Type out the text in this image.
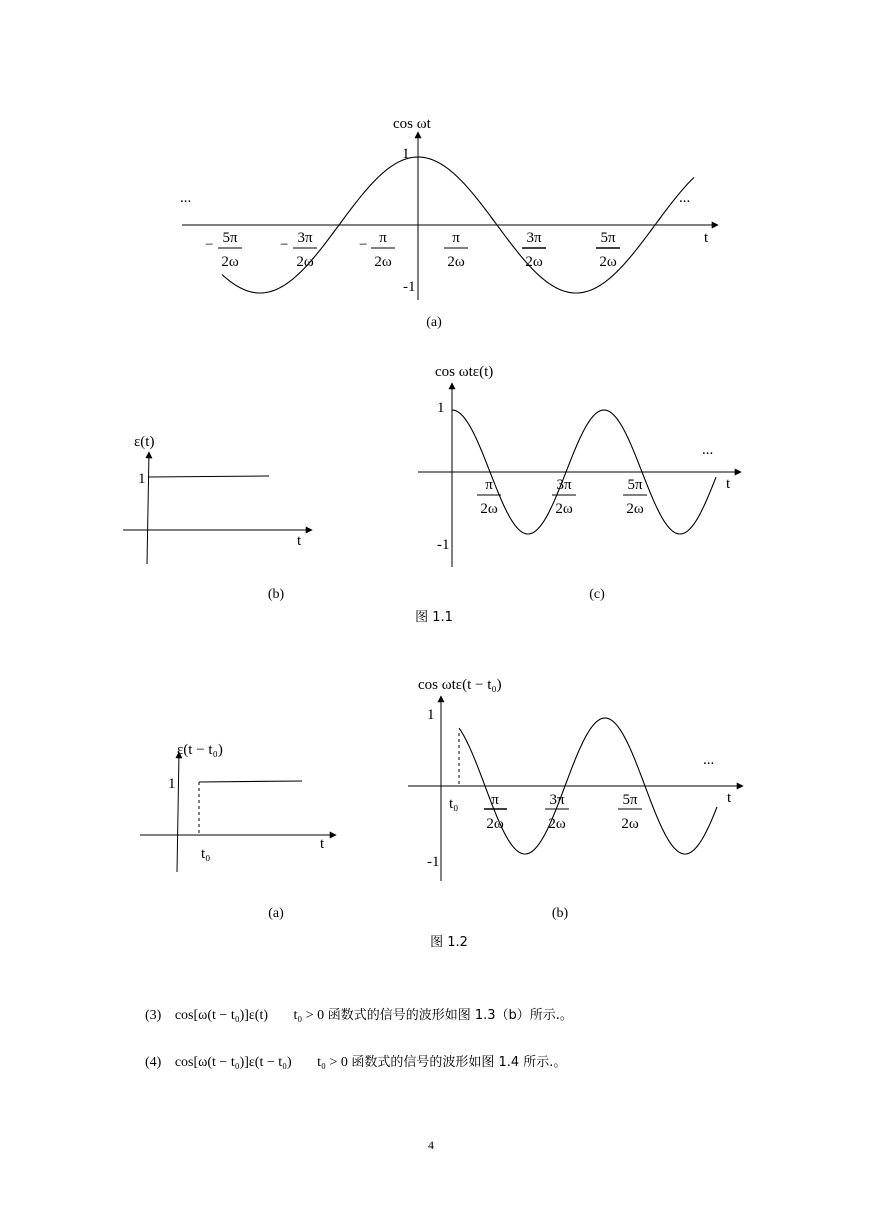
cos ωt
t
1
-1
...	...
− 5π
2ω
− 3π
2ω
− π
2ω
π
2ω
3π
2ω
5π
2ω
(a)
ε(t)
1
t
(b)
cos ωtε(t)
1
-1
t
...
π
2ω
3π
2ω
5π
2ω
(c)
图 1.1
ε(t − t₀)
1
t₀
t
(a)
cos ωtε(t − t₀)
1
-1
t₀	t
...
π
2ω
3π
2ω
5π
2ω
(b)
图 1.2
(3) cos[ω(t − t₀)]ε(t) t₀ > 0 函数式的信号的波形如图 1.3（b）所示.。
(4) cos[ω(t − t₀)]ε(t − t₀) t₀ > 0 函数式的信号的波形如图 1.4 所示.。
4
